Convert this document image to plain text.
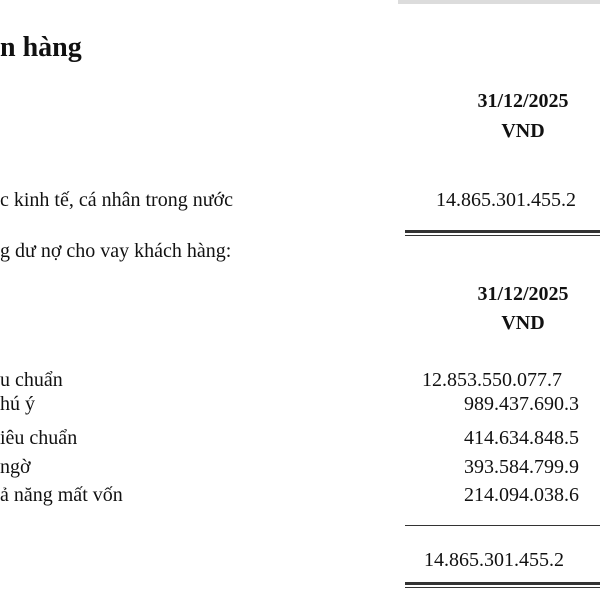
n hàng
31/12/2025
VND
c kinh tế, cá nhân trong nước	14.865.301.455.2
g dư nợ cho vay khách hàng:
31/12/2025
VND
u chuẩn	12.853.550.077.7
hú ý	989.437.690.3
iêu chuẩn	414.634.848.5
ngờ	393.584.799.9
ả năng mất vốn	214.094.038.6
14.865.301.455.2
